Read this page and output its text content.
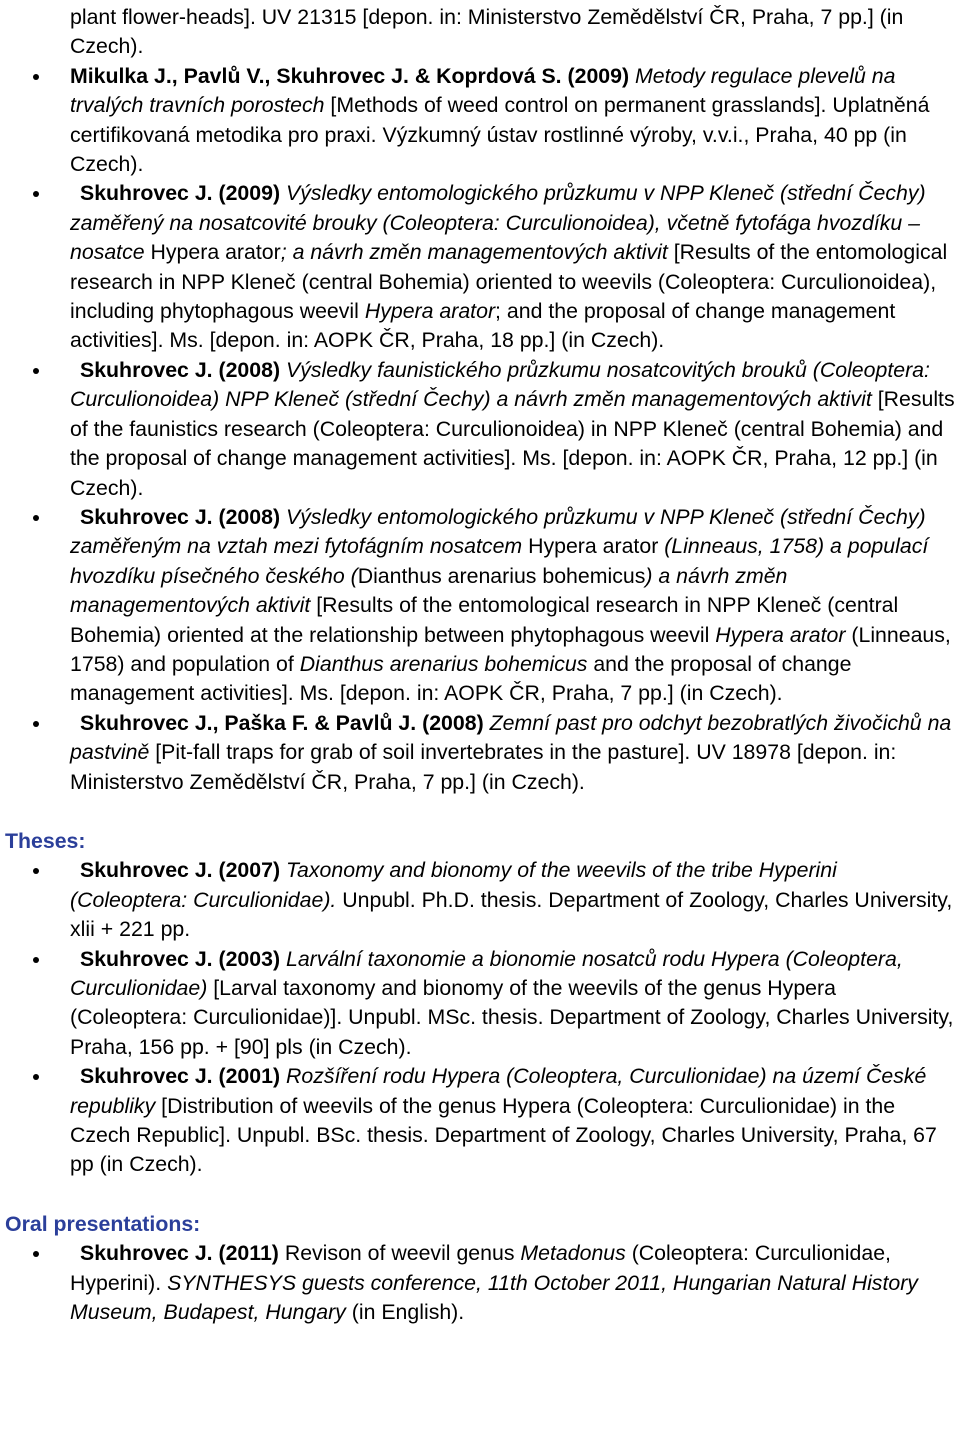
plant flower-heads]. UV 21315 [depon. in: Ministerstvo Zemědělství ČR, Praha, 7 pp.] (in Czech).

Mikulka J., Pavlů V., Skuhrovec J. & Koprdová S. (2009) Metody regulace plevelů na trvalých travních porostech [Methods of weed control on permanent grasslands]. Uplatněná certifikovaná metodika pro praxi. Výzkumný ústav rostlinné výroby, v.v.i., Praha, 40 pp (in Czech).
Skuhrovec J. (2009) Výsledky entomologického průzkumu v NPP Kleneč (střední Čechy) zaměřený na nosatcovité brouky (Coleoptera: Curculionoidea), včetně fytofága hvozdíku – nosatce Hypera arator; a návrh změn managementových aktivit [Results of the entomological research in NPP Kleneč (central Bohemia) oriented to weevils (Coleoptera: Curculionoidea), including phytophagous weevil Hypera arator; and the proposal of change management activities]. Ms. [depon. in: AOPK ČR, Praha, 18 pp.] (in Czech).
Skuhrovec J. (2008) Výsledky faunistického průzkumu nosatcovitých brouků (Coleoptera: Curculionoidea) NPP Kleneč (střední Čechy) a návrh změn managementových aktivit [Results of the faunistics research (Coleoptera: Curculionoidea) in NPP Kleneč (central Bohemia) and the proposal of change management activities]. Ms. [depon. in: AOPK ČR, Praha, 12 pp.] (in Czech).
Skuhrovec J. (2008) Výsledky entomologického průzkumu v NPP Kleneč (střední Čechy) zaměřeným na vztah mezi fytofágním nosatcem Hypera arator (Linneaus, 1758) a populací hvozdíku písečného českého (Dianthus arenarius bohemicus) a návrh změn managementových aktivit [Results of the entomological research in NPP Kleneč (central Bohemia) oriented at the relationship between phytophagous weevil Hypera arator (Linneaus, 1758) and population of Dianthus arenarius bohemicus and the proposal of change management activities]. Ms. [depon. in: AOPK ČR, Praha, 7 pp.] (in Czech).
Skuhrovec J., Paška F. & Pavlů J. (2008) Zemní past pro odchyt bezobratlých živočichů na pastvině [Pit-fall traps for grab of soil invertebrates in the pasture]. UV 18978 [depon. in: Ministerstvo Zemědělství ČR, Praha, 7 pp.] (in Czech).
Theses:
Skuhrovec J. (2007) Taxonomy and bionomy of the weevils of the tribe Hyperini (Coleoptera: Curculionidae). Unpubl. Ph.D. thesis. Department of Zoology, Charles University, xlii + 221 pp.
Skuhrovec J. (2003) Larvální taxonomie a bionomie nosatců rodu Hypera (Coleoptera, Curculionidae) [Larval taxonomy and bionomy of the weevils of the genus Hypera (Coleoptera: Curculionidae)]. Unpubl. MSc. thesis. Department of Zoology, Charles University, Praha, 156 pp. + [90] pls (in Czech).
Skuhrovec J. (2001) Rozšíření rodu Hypera (Coleoptera, Curculionidae) na území České republiky [Distribution of weevils of the genus Hypera (Coleoptera: Curculionidae) in the Czech Republic]. Unpubl. BSc. thesis. Department of Zoology, Charles University, Praha, 67 pp (in Czech).
Oral presentations:
Skuhrovec J. (2011) Revison of weevil genus Metadonus (Coleoptera: Curculionidae, Hyperini). SYNTHESYS guests conference, 11th October 2011, Hungarian Natural History Museum, Budapest, Hungary (in English).
